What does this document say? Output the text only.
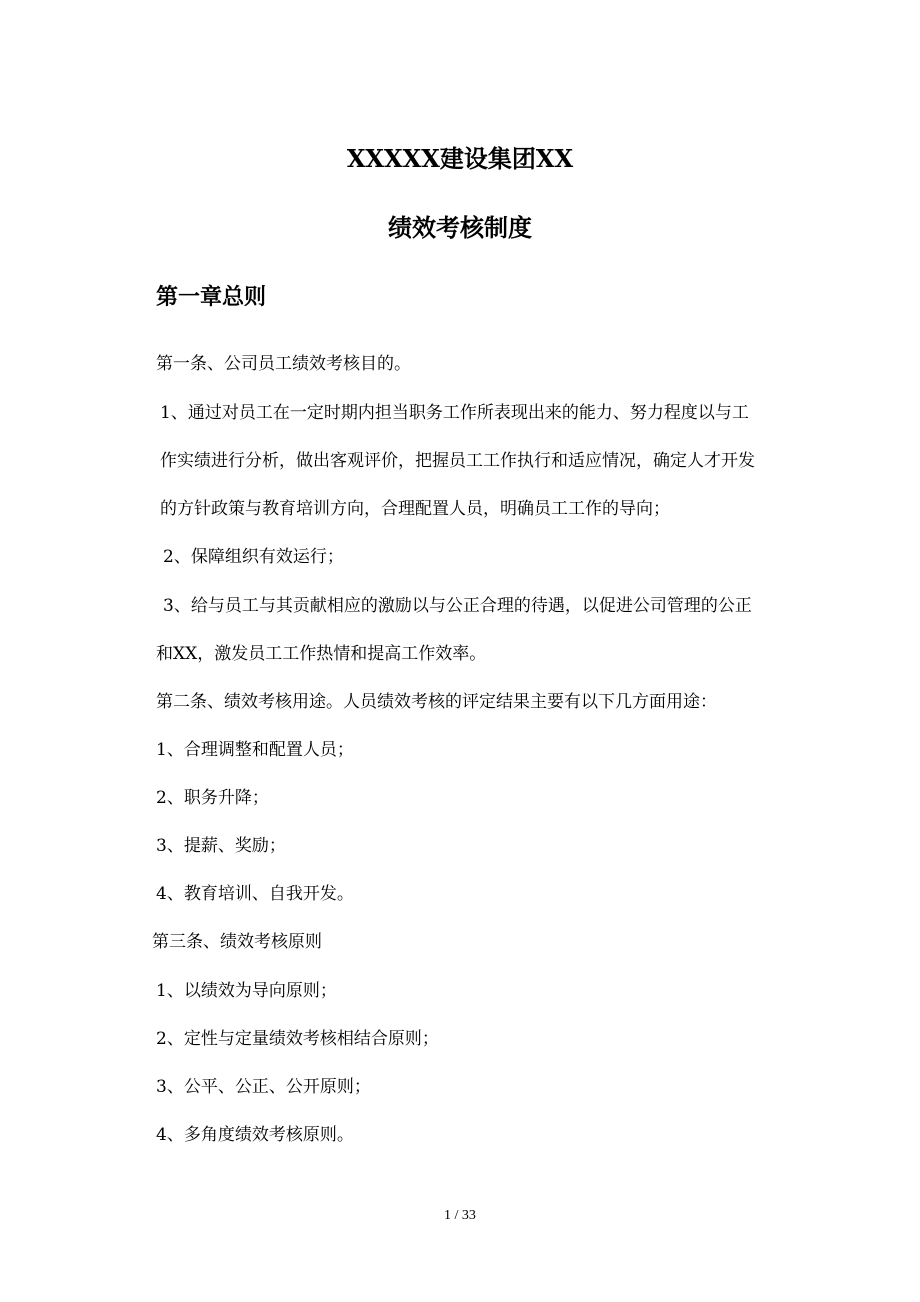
XXXXX建设集团XX
绩效考核制度
第一章总则
第一条、公司员工绩效考核目的。
1、通过对员工在一定时期内担当职务工作所表现出来的能力、努力程度以与工
作实绩进行分析，做出客观评价，把握员工工作执行和适应情况，确定人才开发
的方针政策与教育培训方向，合理配置人员，明确员工工作的导向；
2、保障组织有效运行；
3、给与员工与其贡献相应的激励以与公正合理的待遇，以促进公司管理的公正
和XX，激发员工工作热情和提高工作效率。
第二条、绩效考核用途。人员绩效考核的评定结果主要有以下几方面用途：
1、合理调整和配置人员；
2、职务升降；
3、提薪、奖励；
4、教育培训、自我开发。
第三条、绩效考核原则
1、以绩效为导向原则；
2、定性与定量绩效考核相结合原则；
3、公平、公正、公开原则；
4、多角度绩效考核原则。
1 / 33
